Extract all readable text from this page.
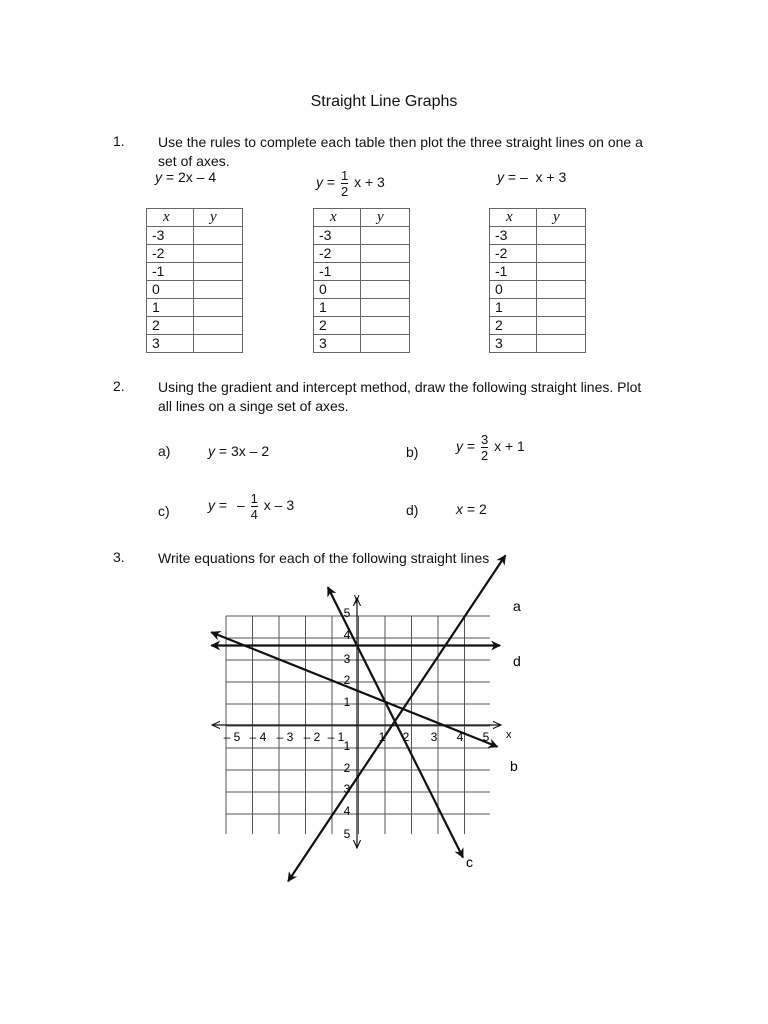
Straight Line Graphs
1. Use the rules to complete each table then plot the three straight lines on one a set of axes.
y = 2x – 4	$y = \frac{1}{2}$ x + 3	y = –  x + 3
x	y
-3	
-2	
-1	
0	
1	
2	
3	
x	y
-3	
-2	
-1	
0	
1	
2	
3	
x	y
-3	
-2	
-1	
0	
1	
2	
3	
2. Using the gradient and intercept method, draw the following straight lines. Plot all lines on a singe set of axes.
a)	y = 3x – 2	b)	$y = \frac{3}{2}$ x + 1
c)	y = – $\frac{1}{4}$ x – 3	d)	x = 2
3. Write equations for each of the following straight lines
x
y
– 5 – 4 – 3 – 2 – 1	1 2 3 4 5
5
4
3
2
1
1
2
3
4
5
a
b
c
d
